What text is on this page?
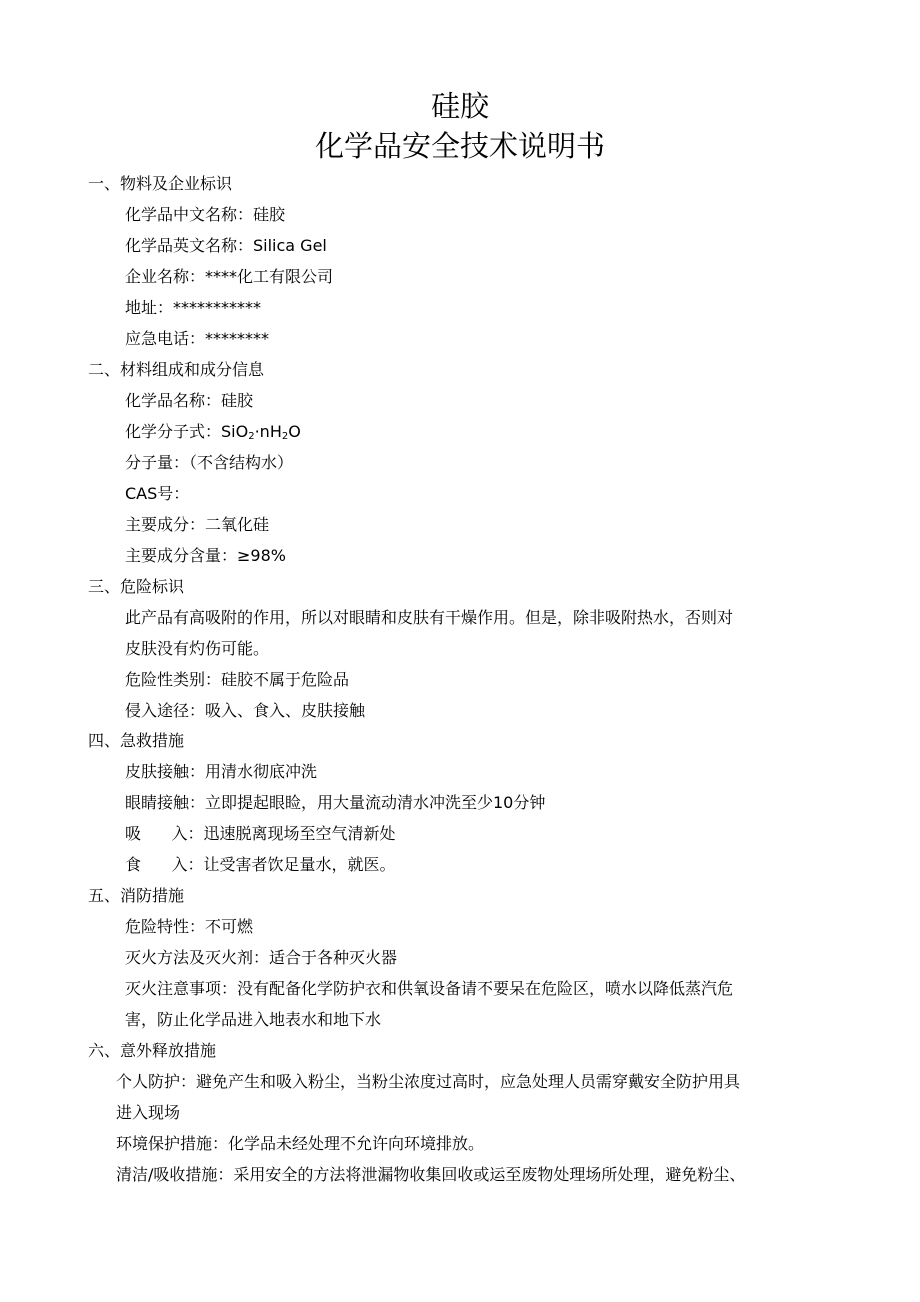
硅胶
化学品安全技术说明书
一、物料及企业标识
化学品中文名称：硅胶
化学品英文名称：Silica Gel
企业名称：****化工有限公司
地址：***********
应急电话：********
二、材料组成和成分信息
化学品名称：硅胶
化学分子式：$SiO_2\cdot nH_2O$
分子量：（不含结构水）
CAS号：
主要成分：二氧化硅
主要成分含量：≥98%
三、危险标识
此产品有高吸附的作用，所以对眼睛和皮肤有干燥作用。但是，除非吸附热水，否则对
皮肤没有灼伤可能。
危险性类别：硅胶不属于危险品
侵入途径：吸入、食入、皮肤接触
四、急救措施
皮肤接触：用清水彻底冲洗
眼睛接触：立即提起眼睑，用大量流动清水冲洗至少10分钟
吸      入：迅速脱离现场至空气清新处
食      入：让受害者饮足量水，就医。
五、消防措施
危险特性：不可燃
灭火方法及灭火剂：适合于各种灭火器
灭火注意事项：没有配备化学防护衣和供氧设备请不要呆在危险区，喷水以降低蒸汽危
害，防止化学品进入地表水和地下水
六、意外释放措施
个人防护：避免产生和吸入粉尘，当粉尘浓度过高时，应急处理人员需穿戴安全防护用具
进入现场
环境保护措施：化学品未经处理不允许向环境排放。
清洁/吸收措施：采用安全的方法将泄漏物收集回收或运至废物处理场所处理，避免粉尘、
